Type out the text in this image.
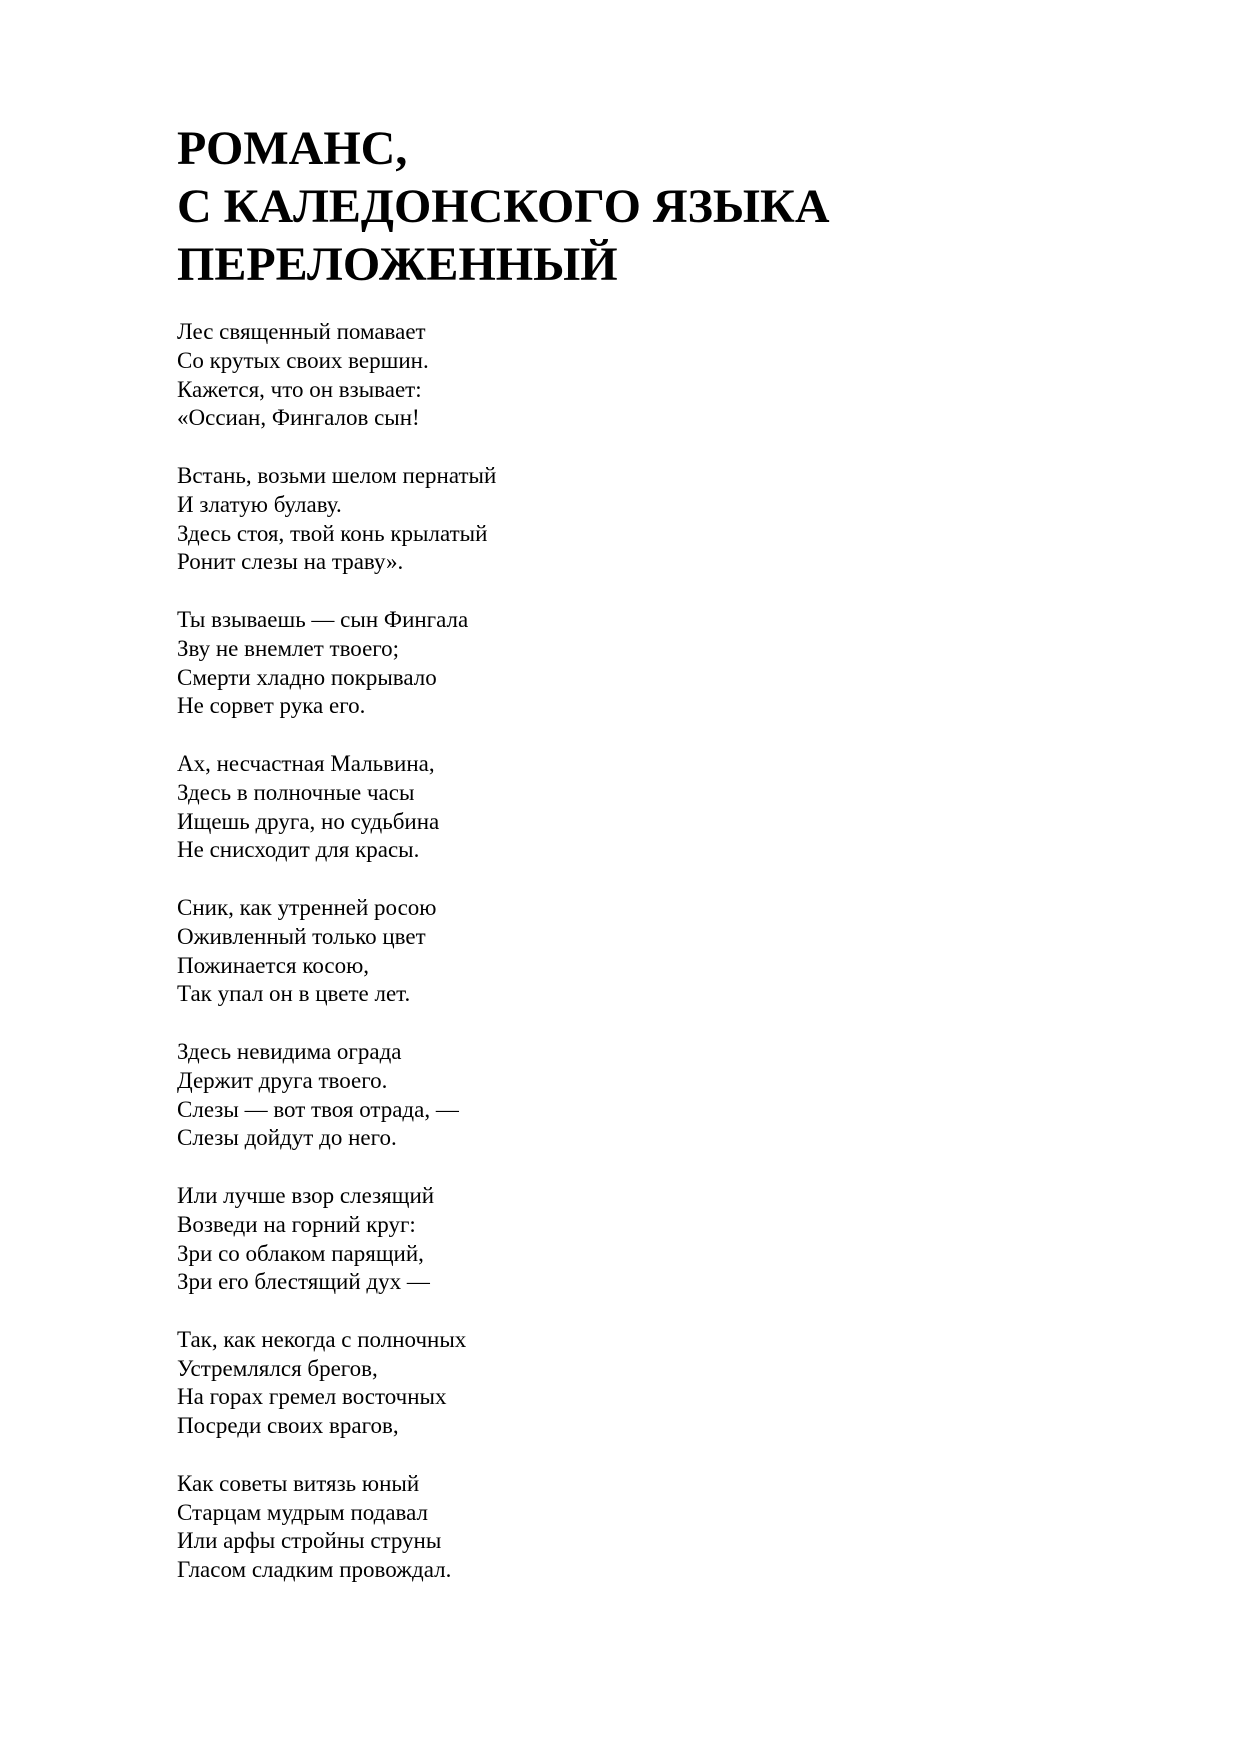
РОМАНС,
С КАЛЕДОНСКОГО ЯЗЫКА
ПЕРЕЛОЖЕННЫЙ
Лес священный помавает
Со крутых своих вершин.
Кажется, что он взывает:
«Оссиан, Фингалов сын!
Встань, возьми шелом пернатый
И златую булаву.
Здесь стоя, твой конь крылатый
Ронит слезы на траву».
Ты взываешь — сын Фингала
Зву не внемлет твоего;
Смерти хладно покрывало
Не сорвет рука его.
Ах, несчастная Мальвина,
Здесь в полночные часы
Ищешь друга, но судьбина
Не снисходит для красы.
Сник, как утренней росою
Оживленный только цвет
Пожинается косою,
Так упал он в цвете лет.
Здесь невидима ограда
Держит друга твоего.
Слезы — вот твоя отрада, —
Слезы дойдут до него.
Или лучше взор слезящий
Возведи на горний круг:
Зри со облаком парящий,
Зри его блестящий дух —
Так, как некогда с полночных
Устремлялся брегов,
На горах гремел восточных
Посреди своих врагов,
Как советы витязь юный
Старцам мудрым подавал
Или арфы стройны струны
Гласом сладким провождал.
